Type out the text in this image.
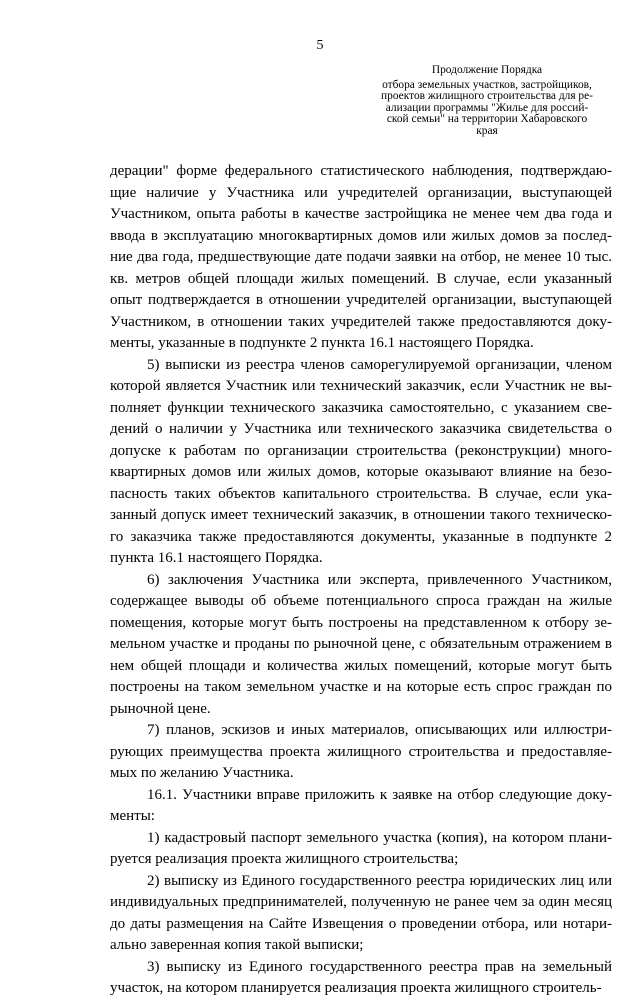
5
Продолжение Порядка
отбора земельных участков, застройщиков,
проектов жилищного строительства для ре-
ализации программы "Жилье для россий-
ской семьи" на территории Хабаровского
края

дерации" форме федерального статистического наблюдения, подтверждаю-щие наличие у Участника или учредителей организации, выступающей Участником, опыта работы в качестве застройщика не менее чем два года и ввода в эксплуатацию многоквартирных домов или жилых домов за послед-ние два года, предшествующие дате подачи заявки на отбор, не менее 10 тыс. кв. метров общей площади жилых помещений. В случае, если указанный опыт подтверждается в отношении учредителей организации, выступающей Участником, в отношении таких учредителей также предоставляются доку-менты, указанные в подпункте 2 пункта 16.1 настоящего Порядка.

5) выписки из реестра членов саморегулируемой организации, членом которой является Участник или технический заказчик, если Участник не вы-полняет функции технического заказчика самостоятельно, с указанием све-дений о наличии у Участника или технического заказчика свидетельства о допуске к работам по организации строительства (реконструкции) много-квартирных домов или жилых домов, которые оказывают влияние на безо-пасность таких объектов капитального строительства. В случае, если ука-занный допуск имеет технический заказчик, в отношении такого техническо-го заказчика также предоставляются документы, указанные в подпункте 2 пункта 16.1 настоящего Порядка.

6) заключения Участника или эксперта, привлеченного Участником, содержащее выводы об объеме потенциального спроса граждан на жилые помещения, которые могут быть построены на представленном к отбору зе-мельном участке и проданы по рыночной цене, с обязательным отражением в нем общей площади и количества жилых помещений, которые могут быть построены на таком земельном участке и на которые есть спрос граждан по рыночной цене.

7) планов, эскизов и иных материалов, описывающих или иллюстри-рующих преимущества проекта жилищного строительства и предоставляе-мых по желанию Участника.

16.1. Участники вправе приложить к заявке на отбор следующие доку-менты:

1) кадастровый паспорт земельного участка (копия), на котором плани-руется реализация проекта жилищного строительства;

2) выписку из Единого государственного реестра юридических лиц или индивидуальных предпринимателей, полученную не ранее чем за один месяц до даты размещения на Сайте Извещения о проведении отбора, или нотари-ально заверенная копия такой выписки;

3) выписку из Единого государственного реестра прав на земельный участок, на котором планируется реализация проекта жилищного строитель-
